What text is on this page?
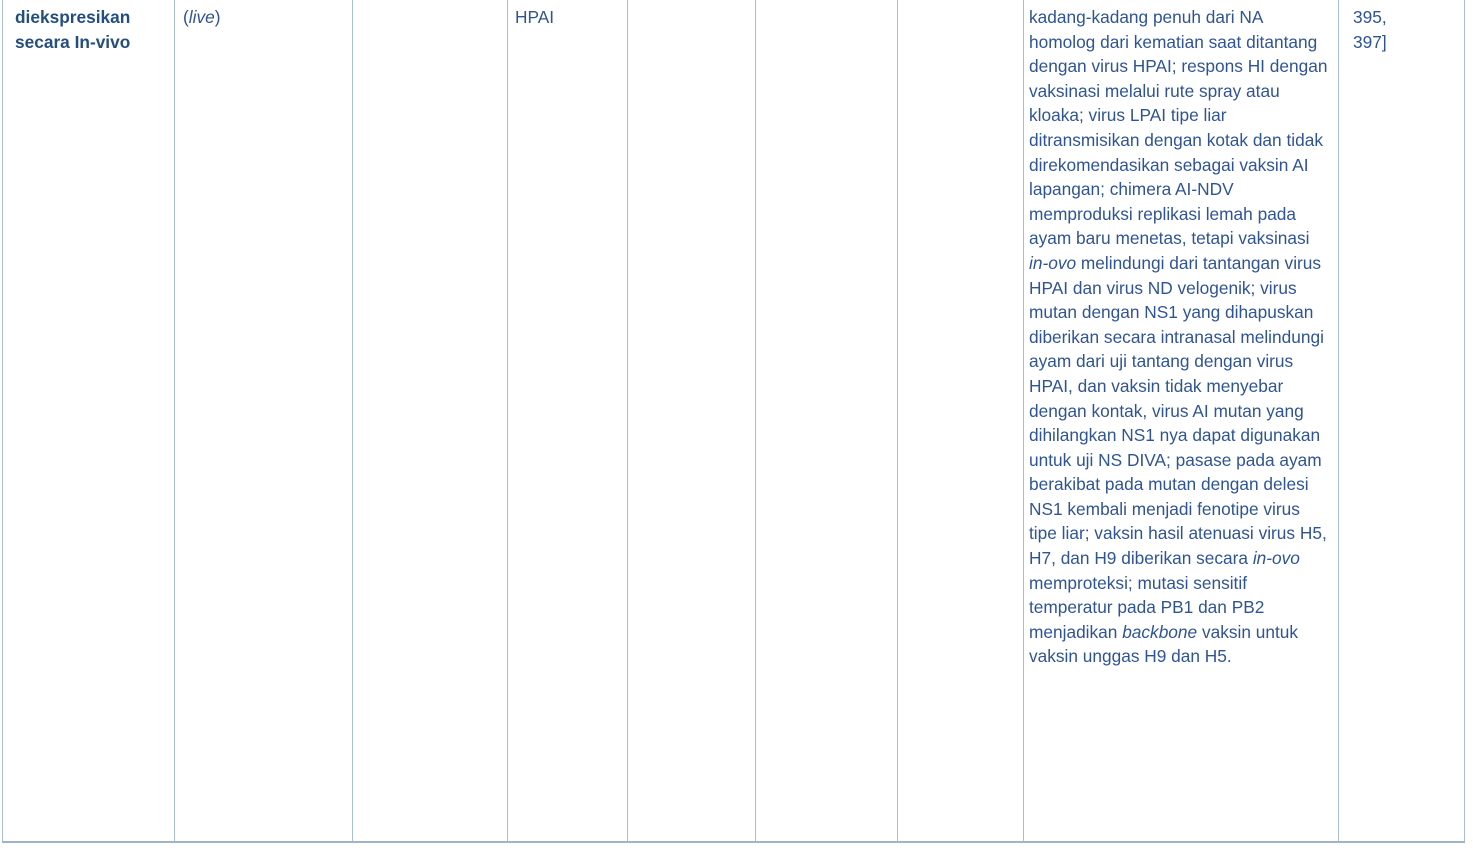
diekspresikan secara In-vivo
(live)	HPAI	kadang-kadang penuh dari NA homolog dari kematian saat ditantang dengan virus HPAI; respons HI dengan vaksinasi melalui rute spray atau kloaka; virus LPAI tipe liar ditransmisikan dengan kotak dan tidak direkomendasikan sebagai vaksin AI lapangan; chimera AI-NDV memproduksi replikasi lemah pada ayam baru menetas, tetapi vaksinasi in-ovo melindungi dari tantangan virus HPAI dan virus ND velogenik; virus mutan dengan NS1 yang dihapuskan diberikan secara intranasal melindungi ayam dari uji tantang dengan virus HPAI, dan vaksin tidak menyebar dengan kontak, virus AI mutan yang dihilangkan NS1 nya dapat digunakan untuk uji NS DIVA; pasase pada ayam berakibat pada mutan dengan delesi NS1 kembali menjadi fenotipe virus tipe liar; vaksin hasil atenuasi virus H5, H7, dan H9 diberikan secara in-ovo memproteksi; mutasi sensitif temperatur pada PB1 dan PB2 menjadikan backbone vaksin untuk vaksin unggas H9 dan H5.
395,
397]
